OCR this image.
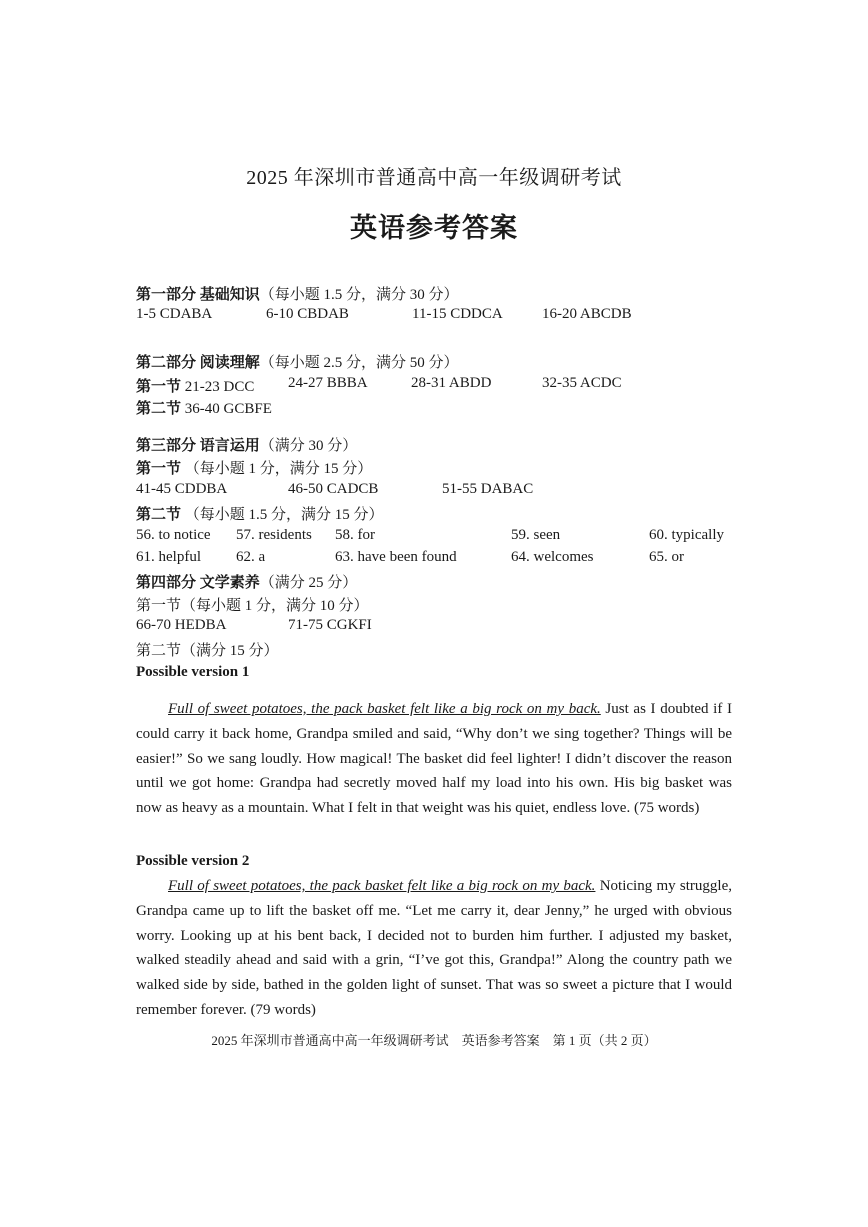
2025 年深圳市普通高中高一年级调研考试
英语参考答案
第一部分 基础知识（每小题 1.5 分，满分 30 分）
1-5 CDABA	6-10 CBDAB	11-15 CDDCA	16-20 ABCDB
第二部分 阅读理解（每小题 2.5 分，满分 50 分）
第一节 21-23 DCC 24-27 BBBA	28-31 ABDD	32-35 ACDC
第二节 36-40 GCBFE
第三部分 语言运用（满分 30 分）
第一节 （每小题 1 分，满分 15 分）
41-45 CDDBA	46-50 CADCB	51-55 DABAC
第二节 （每小题 1.5 分，满分 15 分）
56. to notice 57. residents 58. for	59. seen	60. typically
61. helpful 62. a	63. have been found	64. welcomes	65. or
第四部分 文学素养（满分 25 分）
第一节（每小题 1 分，满分 10 分）
66-70 HEDBA	71-75 CGKFI
第二节（满分 15 分）
Possible version 1
Full of sweet potatoes, the pack basket felt like a big rock on my back. Just as I doubted if I could carry it back home, Grandpa smiled and said, “Why don’t we sing together? Things will be easier!” So we sang loudly. How magical! The basket did feel lighter! I didn’t discover the reason until we got home: Grandpa had secretly moved half my load into his own. His big basket was now as heavy as a mountain. What I felt in that weight was his quiet, endless love. (75 words)
Possible version 2
Full of sweet potatoes, the pack basket felt like a big rock on my back. Noticing my struggle, Grandpa came up to lift the basket off me. “Let me carry it, dear Jenny,” he urged with obvious worry. Looking up at his bent back, I decided not to burden him further. I adjusted my basket, walked steadily ahead and said with a grin, “I’ve got this, Grandpa!” Along the country path we walked side by side, bathed in the golden light of sunset. That was so sweet a picture that I would remember forever. (79 words)
2025 年深圳市普通高中高一年级调研考试　英语参考答案　第 1 页（共 2 页）
